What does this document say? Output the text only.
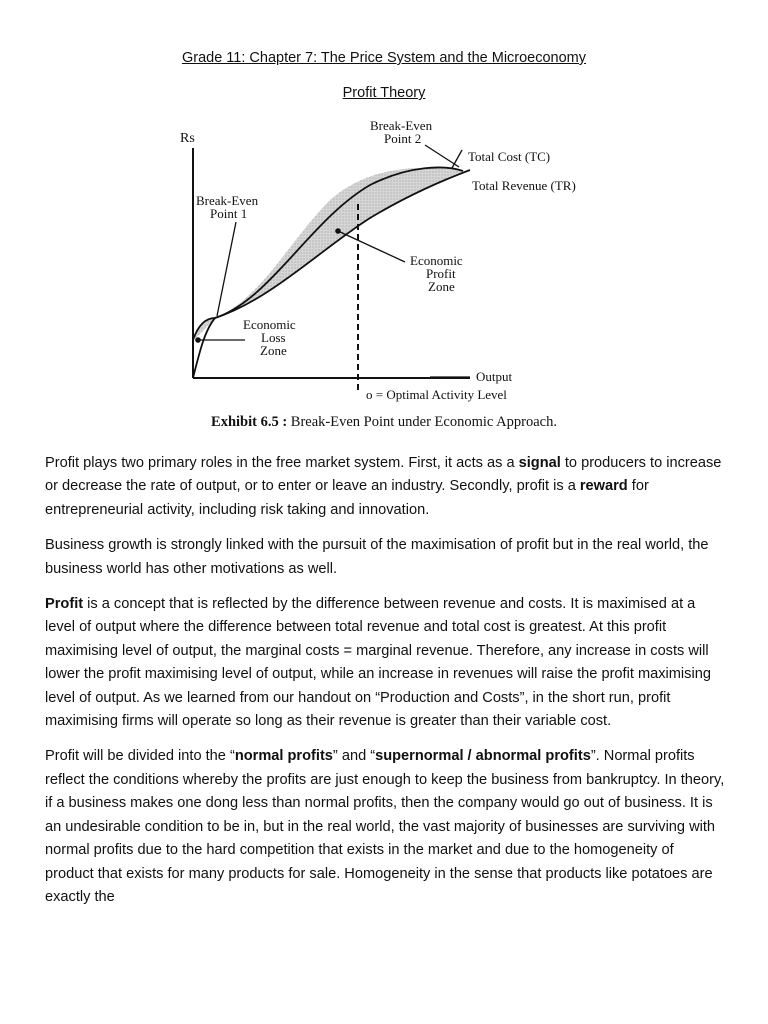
Grade 11: Chapter 7: The Price System and the Microeconomy
Profit Theory
Rs
Break-Even
Point 2
Total Cost (TC)
Total Revenue (TR)
Break-Even
Point 1
Economic
Profit
Zone
Economic
Loss
Zone
Output
o = Optimal Activity Level
Exhibit 6.5 : Break-Even Point under Economic Approach.

Profit plays two primary roles in the free market system. First, it acts as a signal to producers to increase or decrease the rate of output, or to enter or leave an industry. Secondly, profit is a reward for entrepreneurial activity, including risk taking and innovation.

Business growth is strongly linked with the pursuit of the maximisation of profit but in the real world, the business world has other motivations as well.

Profit is a concept that is reflected by the difference between revenue and costs. It is maximised at a level of output where the difference between total revenue and total cost is greatest. At this profit maximising level of output, the marginal costs = marginal revenue. Therefore, any increase in costs will lower the profit maximising level of output, while an increase in revenues will raise the profit maximising level of output. As we learned from our handout on “Production and Costs”, in the short run, profit maximising firms will operate so long as their revenue is greater than their variable cost.

Profit will be divided into the “normal profits” and “supernormal / abnormal profits”. Normal profits reflect the conditions whereby the profits are just enough to keep the business from bankruptcy. In theory, if a business makes one dong less than normal profits, then the company would go out of business. It is an undesirable condition to be in, but in the real world, the vast majority of businesses are surviving with normal profits due to the hard competition that exists in the market and due to the homogeneity of product that exists for many products for sale. Homogeneity in the sense that products like potatoes are exactly the
